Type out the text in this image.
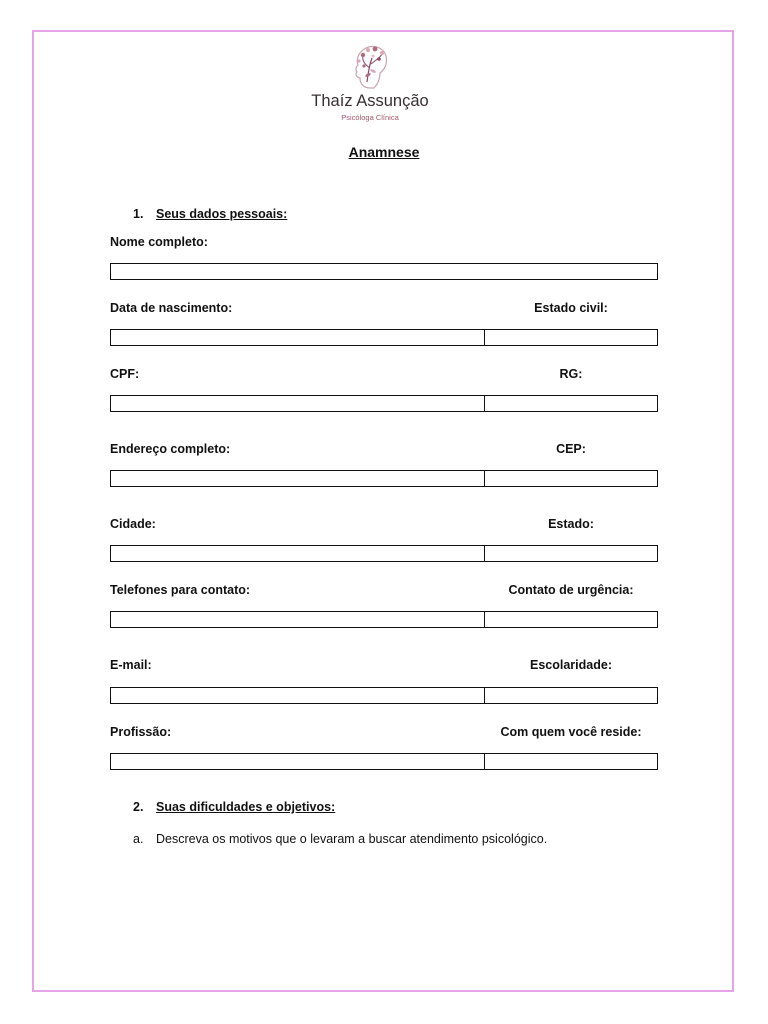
Thaíz Assunção
Psicóloga Clínica
Anamnese
1. Seus dados pessoais:
Nome completo:
Data de nascimento:	Estado civil:
CPF:	RG:
Endereço completo:	CEP:
Cidade:	Estado:
Telefones para contato:	Contato de urgência:
E-mail:	Escolaridade:
Profissão:	Com quem você reside:
2. Suas dificuldades e objetivos:
a. Descreva os motivos que o levaram a buscar atendimento psicológico.
